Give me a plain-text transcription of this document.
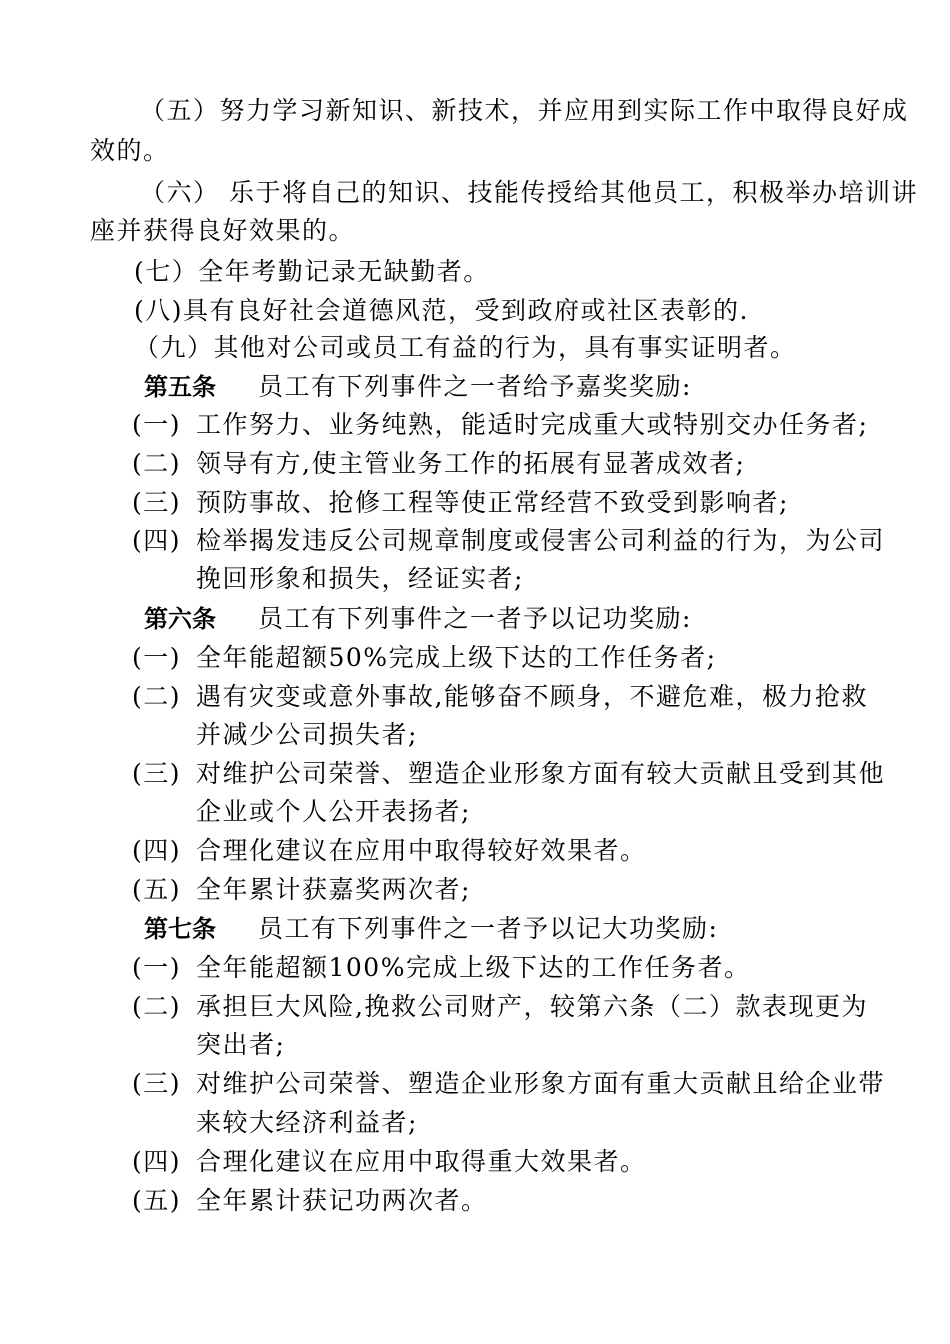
（五）努力学习新知识、新技术，并应用到实际工作中取得良好成
效的。
（六） 乐于将自己的知识、技能传授给其他员工，积极举办培训讲
座并获得良好效果的。
(七）全年考勤记录无缺勤者。
(八)具有良好社会道德风范，受到政府或社区表彰的.
（九）其他对公司或员工有益的行为，具有事实证明者。
第五条 员工有下列事件之一者给予嘉奖奖励:
(一) 工作努力、业务纯熟，能适时完成重大或特别交办任务者;
(二) 领导有方,使主管业务工作的拓展有显著成效者;
(三) 预防事故、抢修工程等使正常经营不致受到影响者;
(四) 检举揭发违反公司规章制度或侵害公司利益的行为，为公司
挽回形象和损失，经证实者;
第六条 员工有下列事件之一者予以记功奖励:
(一) 全年能超额50%完成上级下达的工作任务者;
(二) 遇有灾变或意外事故,能够奋不顾身，不避危难，极力抢救
并减少公司损失者;
(三) 对维护公司荣誉、塑造企业形象方面有较大贡献且受到其他
企业或个人公开表扬者;
(四) 合理化建议在应用中取得较好效果者。
(五) 全年累计获嘉奖两次者;
第七条 员工有下列事件之一者予以记大功奖励:
(一) 全年能超额100%完成上级下达的工作任务者。
(二) 承担巨大风险,挽救公司财产，较第六条（二）款表现更为
突出者;
(三) 对维护公司荣誉、塑造企业形象方面有重大贡献且给企业带
来较大经济利益者;
(四) 合理化建议在应用中取得重大效果者。
(五) 全年累计获记功两次者。
